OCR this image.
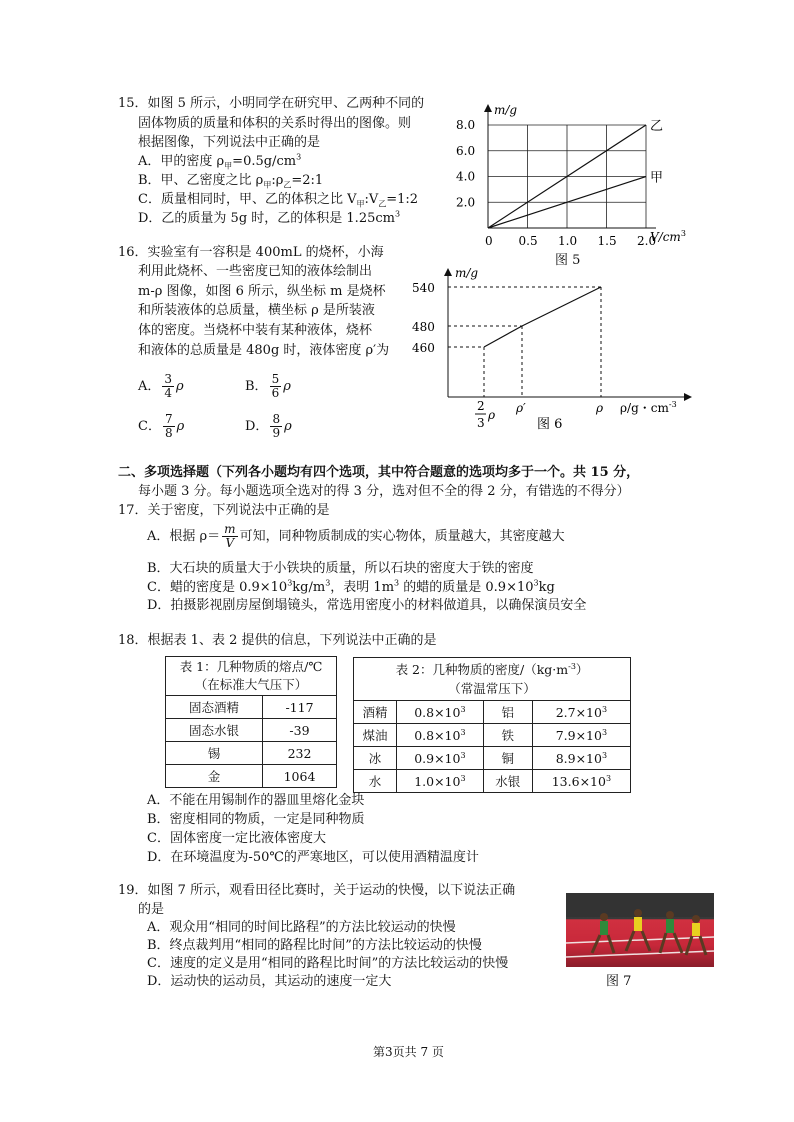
15．如图 5 所示，小明同学在研究甲、乙两种不同的
固体物质的质量和体积的关系时得出的图像。则
根据图像，下列说法中正确的是
A．甲的密度 $\rho_甲=0.5g/cm^3$
B．甲、乙密度之比 $\rho_甲:\rho_乙=2:1$
C．质量相同时，甲、乙的体积之比 $V_甲:V_乙=1:2$
D．乙的质量为 5g 时，乙的体积是 $1.25cm^3$
m/g
$V/cm^3$
0
2.0
4.0
6.0
8.0
0.5 1.0 1.5 2.0
乙
甲
图 5
16．实验室有一容积是 400mL 的烧杯，小海
利用此烧杯、一些密度已知的液体绘制出
m-ρ 图像，如图 6 所示，纵坐标 m 是烧杯
和所装液体的总质量，横坐标 ρ 是所装液
体的密度。当烧杯中装有某种液体，烧杯
和液体的总质量是 480g 时，液体密度 ρ′为
A． $\frac{3}{4}$ ρ	B． $\frac{5}{6}$ ρ
C． $\frac{7}{8}$ ρ	D． $\frac{8}{9}$ ρ
m/g
540
480
460
2
3
ρ ρ′	ρ ρ/g・$cm^{-3}$
图 6
二、多项选择题（下列各小题均有四个选项，其中符合题意的选项均多于一个。共 15 分，
每小题 3 分。每小题选项全选对的得 3 分，选对但不全的得 2 分，有错选的不得分）
17．关于密度，下列说法中正确的是
A．根据 $\rho= \frac{m}{V}$ 可知，同种物质制成的实心物体，质量越大，其密度越大
B．大石块的质量大于小铁块的质量，所以石块的密度大于铁的密度
C．蜡的密度是 $0.9\times 10^3kg/m^3$，表明 $1m^3$ 的蜡的质量是 $0.9\times 10^3kg$
D．拍摄影视剧房屋倒塌镜头，常选用密度小的材料做道具，以确保演员安全
18．根据表 1、表 2 提供的信息，下列说法中正确的是
表 1：几种物质的熔点/℃
（在标准大气压下）	

固态酒精	-117
固态水银	-39
锡	232
金	1064
表 2：几种物质的密度$/(kg\cdot m^{-3})$
（常温常压下）			

酒精	$0.8\times 10^3$	铝	$2.7\times 10^3$
煤油	$0.8\times 10^3$	铁	$7.9\times 10^3$
冰	$0.9\times 10^3$	铜	$8.9\times 10^3$
水	$1.0\times 10^3$	水银	$13.6\times 10^3$
A．不能在用锡制作的器皿里熔化金块
B．密度相同的物质，一定是同种物质
C．固体密度一定比液体密度大
D．在环境温度为-50℃的严寒地区，可以使用酒精温度计
19．如图 7 所示，观看田径比赛时，关于运动的快慢，以下说法正确
的是
A．观众用“相同的时间比路程”的方法比较运动的快慢
B．终点裁判用“相同的路程比时间”的方法比较运动的快慢
C．速度的定义是用“相同的路程比时间”的方法比较运动的快慢
D．运动快的运动员，其运动的速度一定大	图 7
第3页共 7 页
